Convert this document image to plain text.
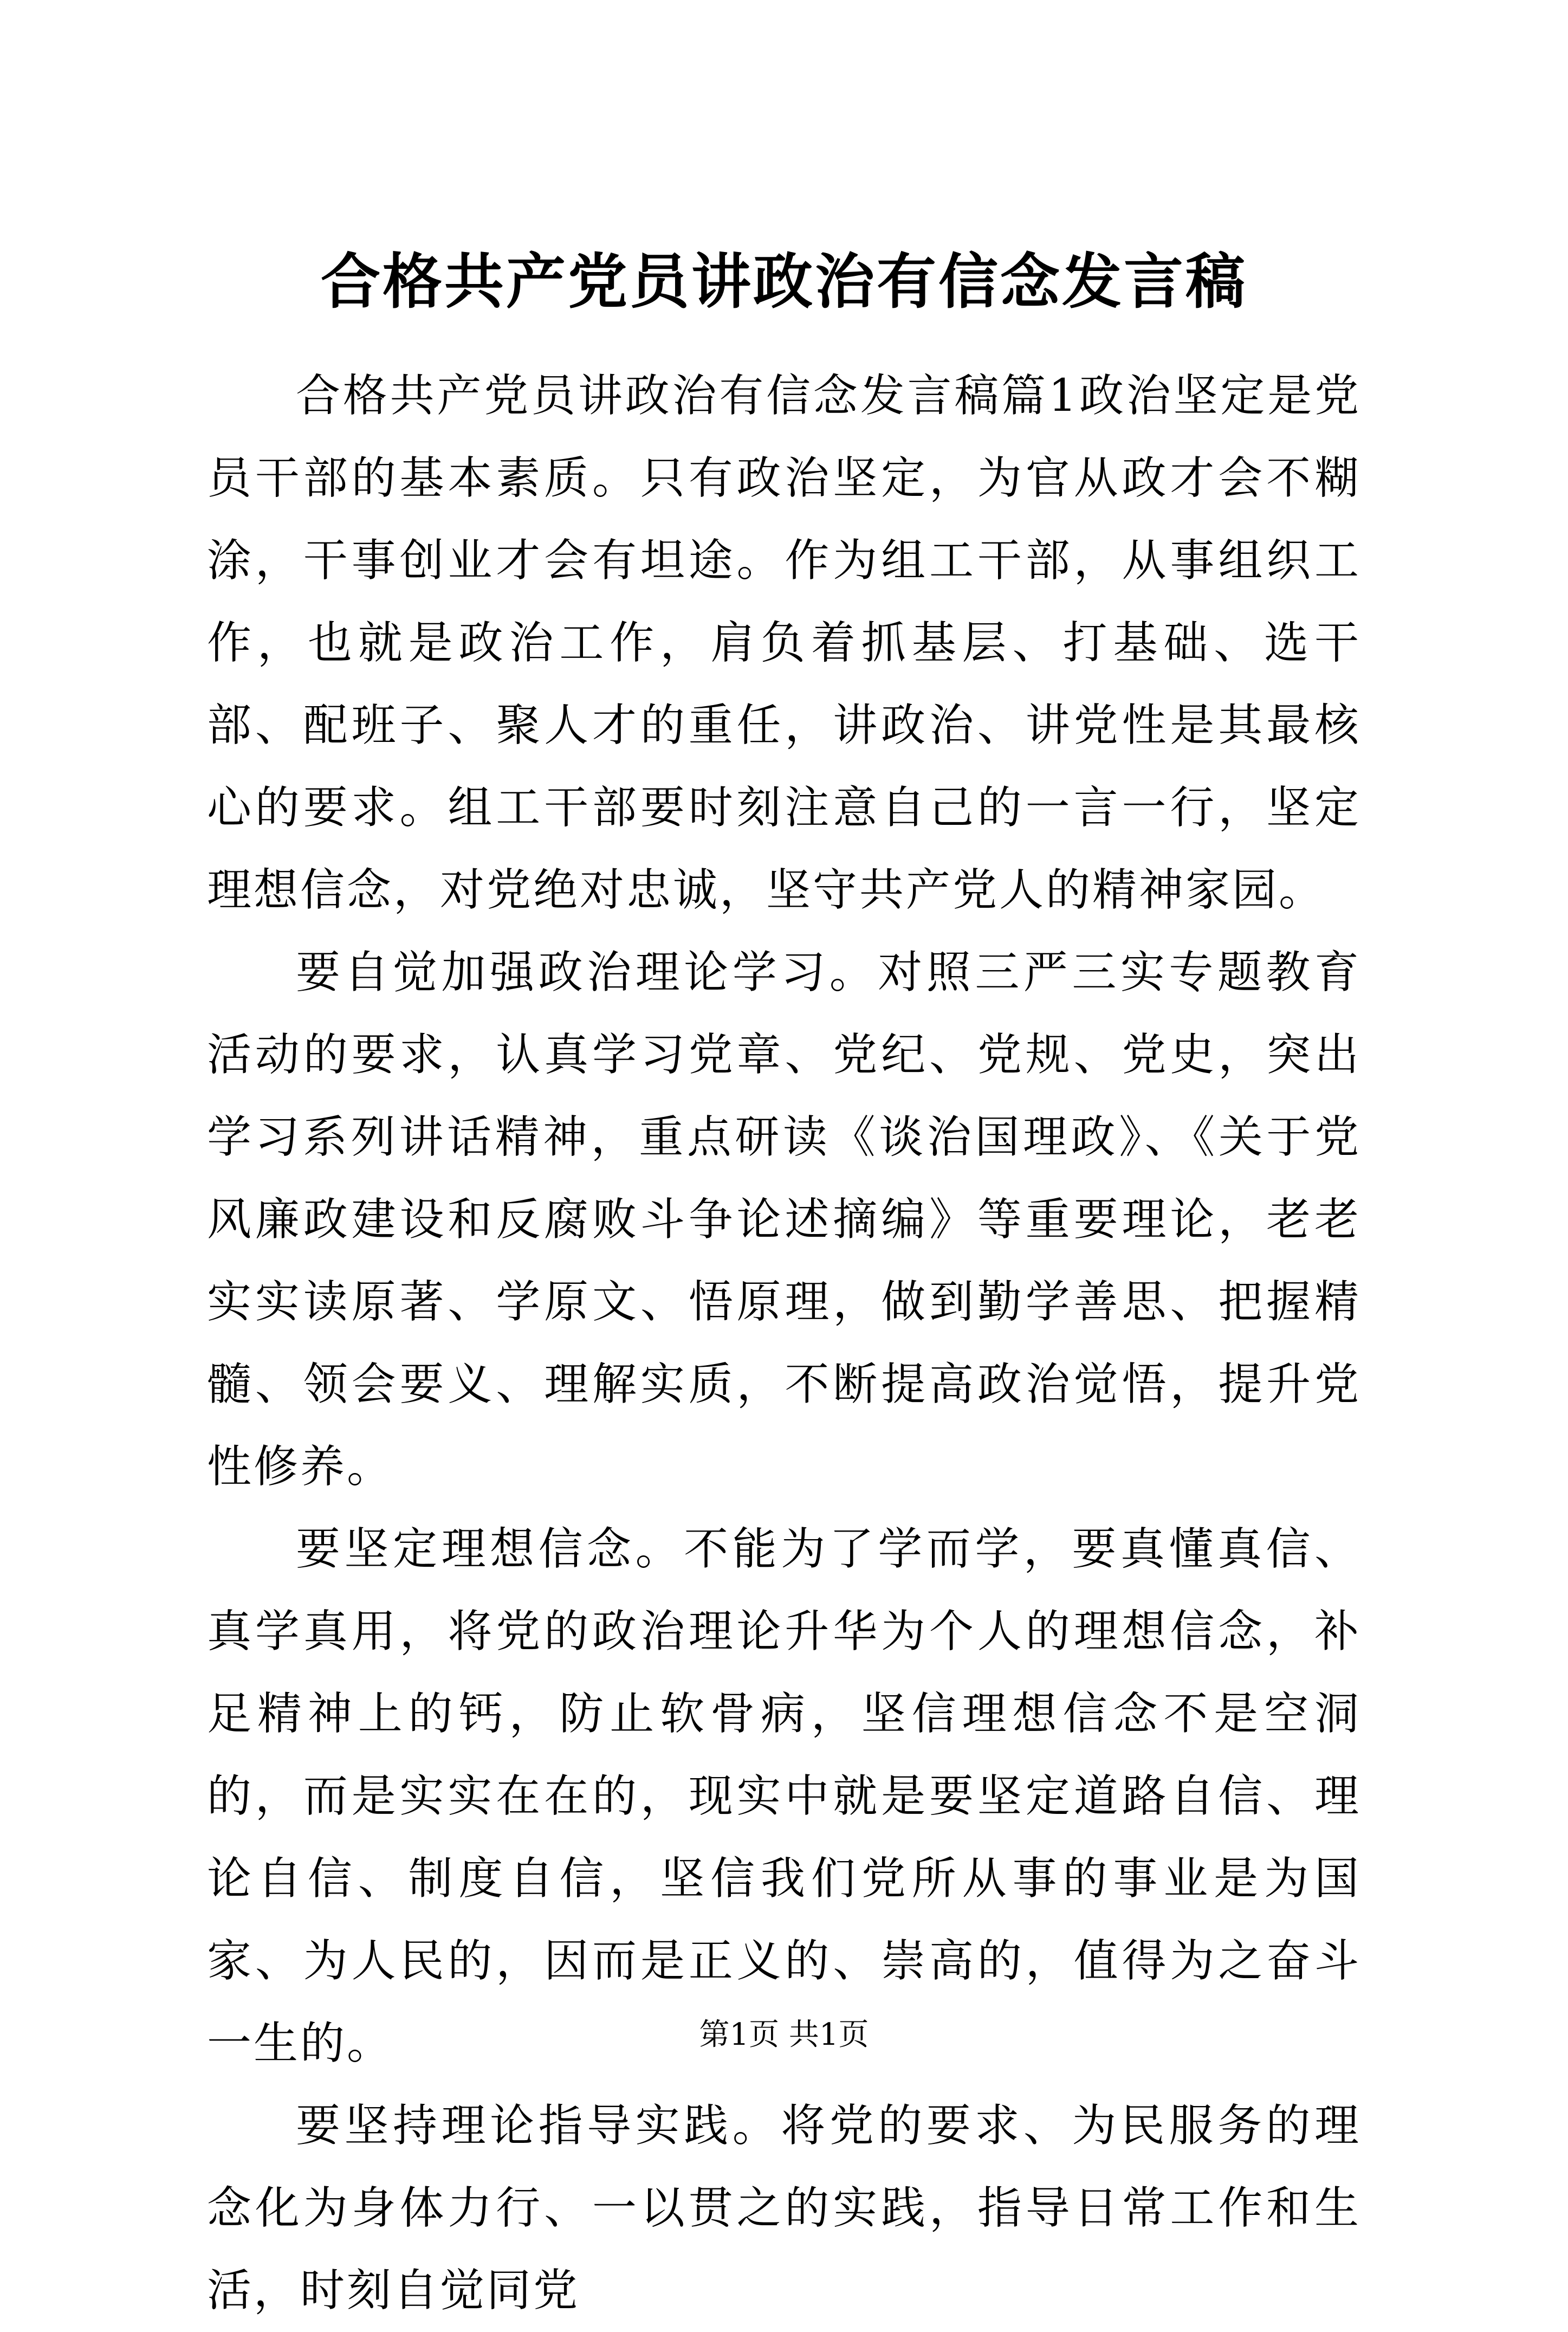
合格共产党员讲政治有信念发言稿

合格共产党员讲政治有信念发言稿篇1政治坚定是党员干部的基本素质。只有政治坚定，为官从政才会不糊涂，干事创业才会有坦途。作为组工干部，从事组织工作，也就是政治工作，肩负着抓基层、打基础、选干部、配班子、聚人才的重任，讲政治、讲党性是其最核心的要求。组工干部要时刻注意自己的一言一行，坚定理想信念，对党绝对忠诚，坚守共产党人的精神家园。

要自觉加强政治理论学习。对照三严三实专题教育活动的要求，认真学习党章、党纪、党规、党史，突出学习系列讲话精神，重点研读《谈治国理政》、《关于党风廉政建设和反腐败斗争论述摘编》等重要理论，老老实实读原著、学原文、悟原理，做到勤学善思、把握精髓、领会要义、理解实质，不断提高政治觉悟，提升党性修养。

要坚定理想信念。不能为了学而学，要真懂真信、真学真用，将党的政治理论升华为个人的理想信念，补足精神上的钙，防止软骨病，坚信理想信念不是空洞的，而是实实在在的，现实中就是要坚定道路自信、理论自信、制度自信，坚信我们党所从事的事业是为国家、为人民的，因而是正义的、崇高的，值得为之奋斗一生的。

要坚持理论指导实践。将党的要求、为民服务的理念化为身体力行、一以贯之的实践，指导日常工作和生活，时刻自觉同党

第1页 共1页
